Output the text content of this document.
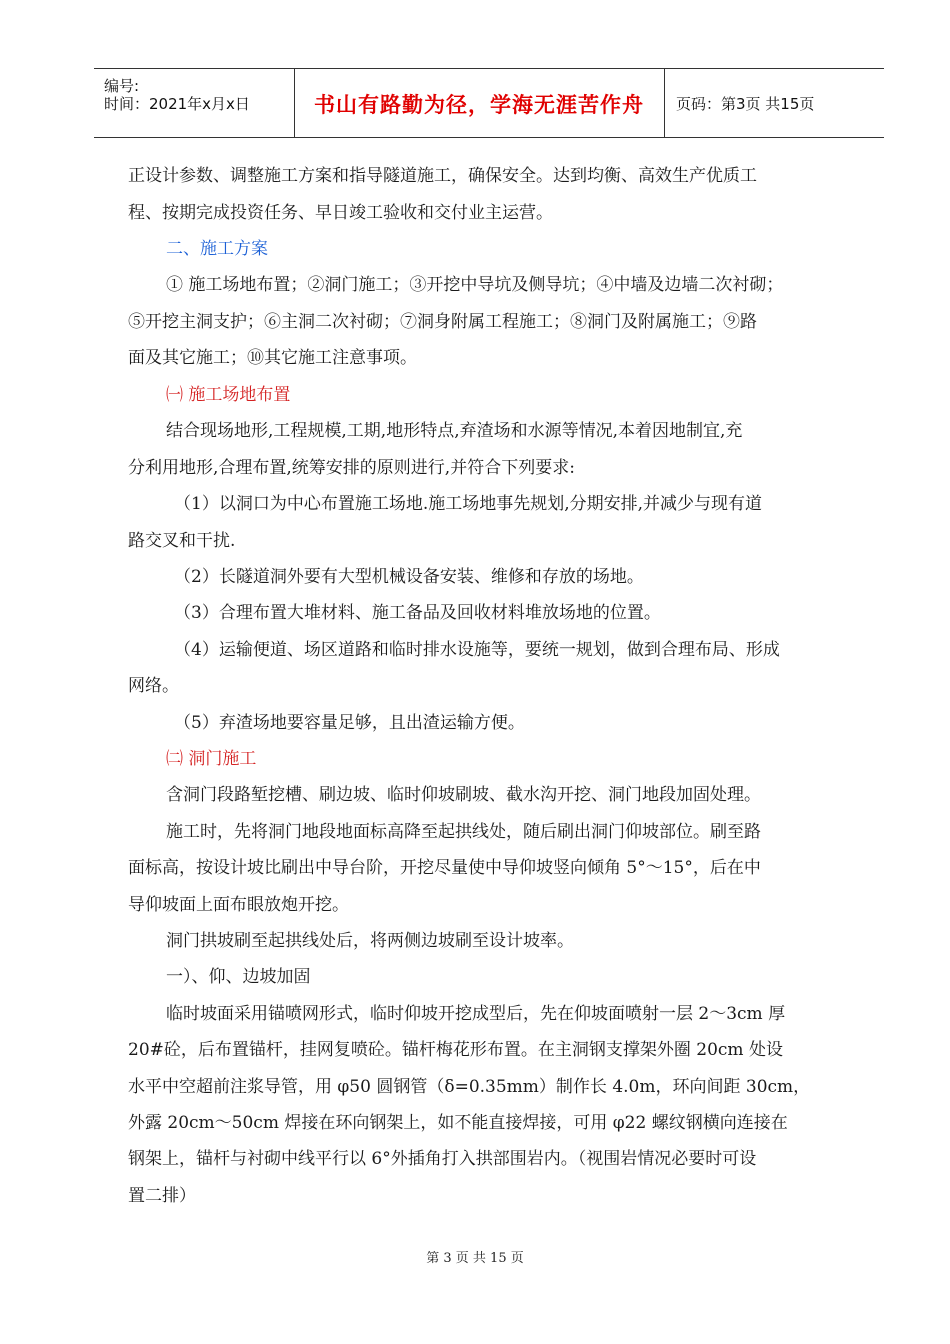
编号:
时间：2021年x月x日	书山有路勤为径，学海无涯苦作舟	页码：第3页 共15页
正设计参数、调整施工方案和指导隧道施工，确保安全。达到均衡、高效生产优质工
程、按期完成投资任务、早日竣工验收和交付业主运营。
二、施工方案
① 施工场地布置；②洞门施工；③开挖中导坑及侧导坑；④中墙及边墙二次衬砌；
⑤开挖主洞支护；⑥主洞二次衬砌；⑦洞身附属工程施工；⑧洞门及附属施工；⑨路
面及其它施工；⑩其它施工注意事项。
㈠ 施工场地布置
结合现场地形,工程规模,工期,地形特点,弃渣场和水源等情况,本着因地制宜,充
分利用地形,合理布置,统筹安排的原则进行,并符合下列要求:
（1）以洞口为中心布置施工场地.施工场地事先规划,分期安排,并减少与现有道
路交叉和干扰.
（2）长隧道洞外要有大型机械设备安装、维修和存放的场地。
（3）合理布置大堆材料、施工备品及回收材料堆放场地的位置。
（4）运输便道、场区道路和临时排水设施等，要统一规划，做到合理布局、形成
网络。
（5）弃渣场地要容量足够，且出渣运输方便。
㈡ 洞门施工
含洞门段路堑挖槽、刷边坡、临时仰坡刷坡、截水沟开挖、洞门地段加固处理。
施工时，先将洞门地段地面标高降至起拱线处，随后刷出洞门仰坡部位。刷至路
面标高，按设计坡比刷出中导台阶，开挖尽量使中导仰坡竖向倾角 5°～15°，后在中
导仰坡面上面布眼放炮开挖。
洞门拱坡刷至起拱线处后，将两侧边坡刷至设计坡率。
一）、仰、边坡加固
临时坡面采用锚喷网形式，临时仰坡开挖成型后，先在仰坡面喷射一层 2～3cm 厚
20#砼，后布置锚杆，挂网复喷砼。锚杆梅花形布置。在主洞钢支撑架外圈 20cm 处设
水平中空超前注浆导管，用 φ50 圆钢管（δ=0.35mm）制作长 4.0m，环向间距 30cm，
外露 20cm～50cm 焊接在环向钢架上，如不能直接焊接，可用 φ22 螺纹钢横向连接在
钢架上，锚杆与衬砌中线平行以 6°外插角打入拱部围岩内。（视围岩情况必要时可设
置二排）
第 3 页 共 15 页
